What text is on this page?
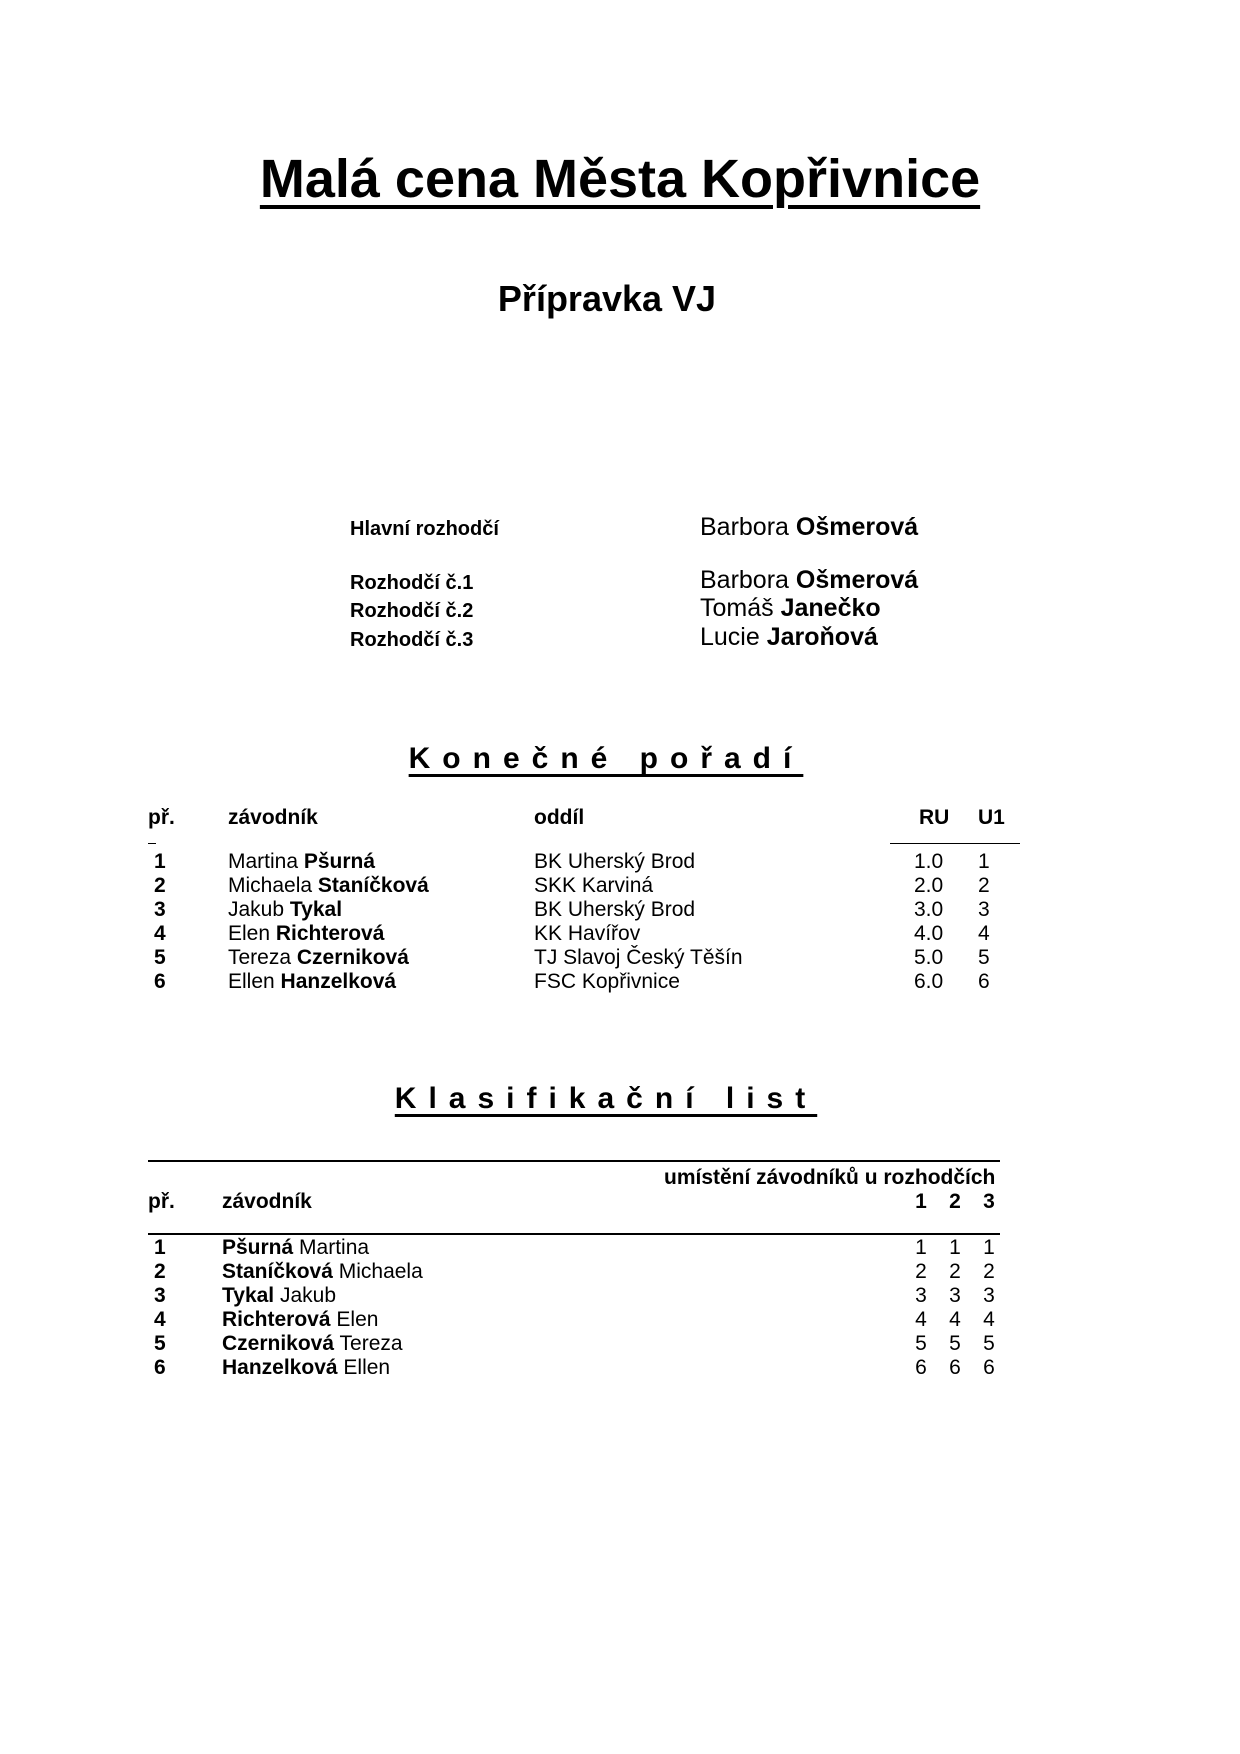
Malá cena Města Kopřivnice
Přípravka VJ
Hlavní rozhodčí	Barbora Ošmerová
Rozhodčí č.1	Barbora Ošmerová
Rozhodčí č.2	Tomáš Janečko
Rozhodčí č.3	Lucie Jaroňová
Konečné pořadí
př.	závodník	oddíl	RU U1
1	Martina Pšurná	BK Uherský Brod	1.0 1
2	Michaela Staníčková	SKK Karviná	2.0 2
3	Jakub Tykal	BK Uherský Brod	3.0 3
4	Elen Richterová	KK Havířov	4.0 4
5	Tereza Czerniková	TJ Slavoj Český Těšín	5.0 5
6	Ellen Hanzelková	FSC Kopřivnice	6.0 6
Klasifikační list
umístění závodníků u rozhodčích
př. závodník	1 2 3
1	Pšurná Martina	1 1 1
2	Staníčková Michaela	2 2 2
3	Tykal Jakub	3 3 3
4	Richterová Elen	4 4 4
5	Czerniková Tereza	5 5 5
6	Hanzelková Ellen	6 6 6
